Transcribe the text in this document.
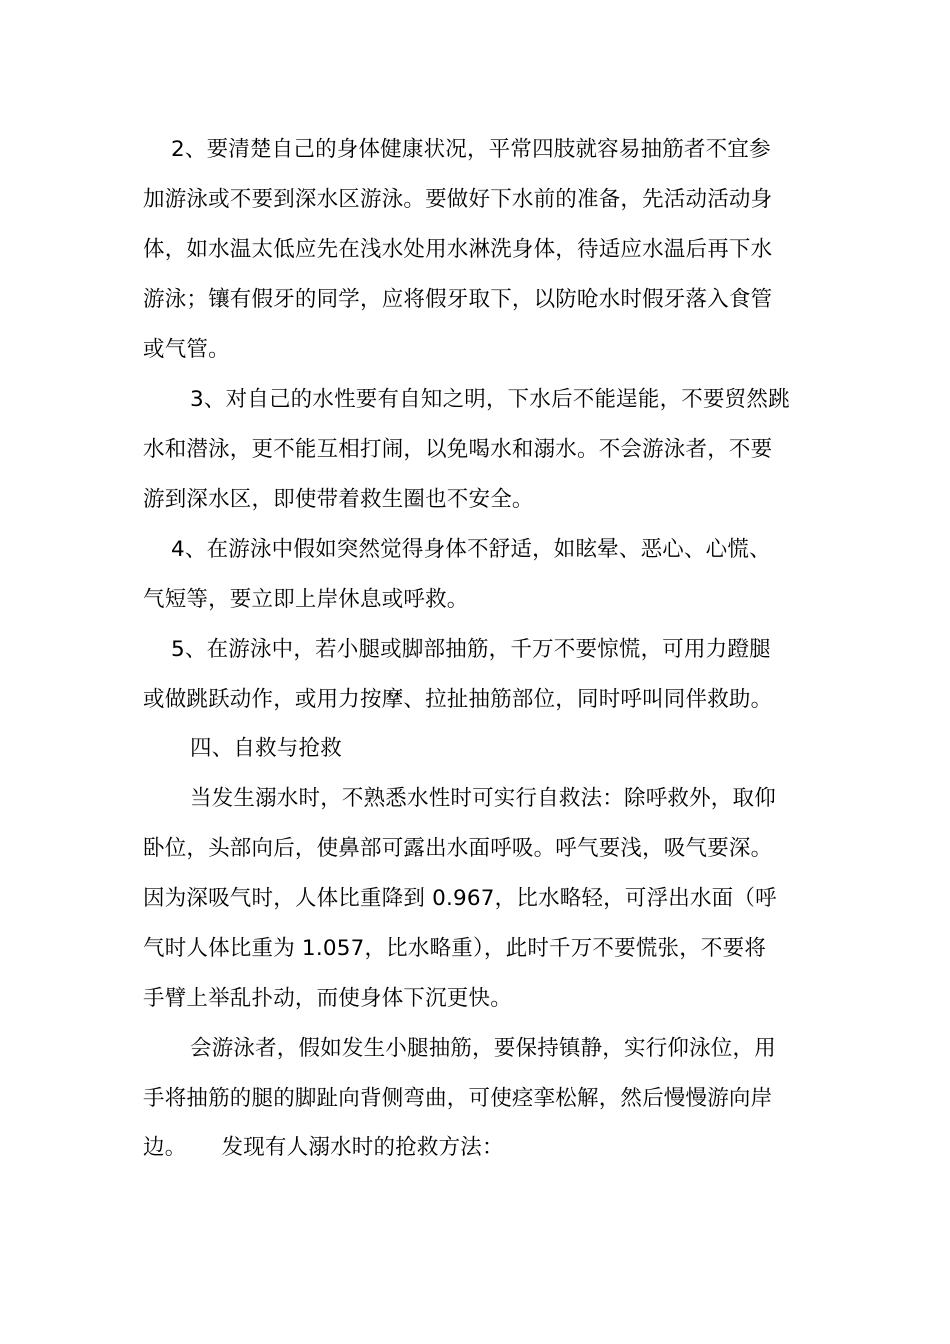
2、要清楚自己的身体健康状况，平常四肢就容易抽筋者不宜参
加游泳或不要到深水区游泳。要做好下水前的准备，先活动活动身
体，如水温太低应先在浅水处用水淋洗身体，待适应水温后再下水
游泳；镶有假牙的同学，应将假牙取下，以防呛水时假牙落入食管
或气管。
3、对自己的水性要有自知之明，下水后不能逞能，不要贸然跳
水和潜泳，更不能互相打闹，以免喝水和溺水。不会游泳者，不要
游到深水区，即使带着救生圈也不安全。
4、在游泳中假如突然觉得身体不舒适，如眩晕、恶心、心慌、
气短等，要立即上岸休息或呼救。
5、在游泳中，若小腿或脚部抽筋，千万不要惊慌，可用力蹬腿
或做跳跃动作，或用力按摩、拉扯抽筋部位，同时呼叫同伴救助。
四、自救与抢救
当发生溺水时，不熟悉水性时可实行自救法：除呼救外，取仰
卧位，头部向后，使鼻部可露出水面呼吸。呼气要浅，吸气要深。
因为深吸气时，人体比重降到 0.967，比水略轻，可浮出水面（呼
气时人体比重为 1.057，比水略重），此时千万不要慌张，不要将
手臂上举乱扑动，而使身体下沉更快。
会游泳者，假如发生小腿抽筋，要保持镇静，实行仰泳位，用
手将抽筋的腿的脚趾向背侧弯曲，可使痉挛松解，然后慢慢游向岸
边。     发现有人溺水时的抢救方法：
